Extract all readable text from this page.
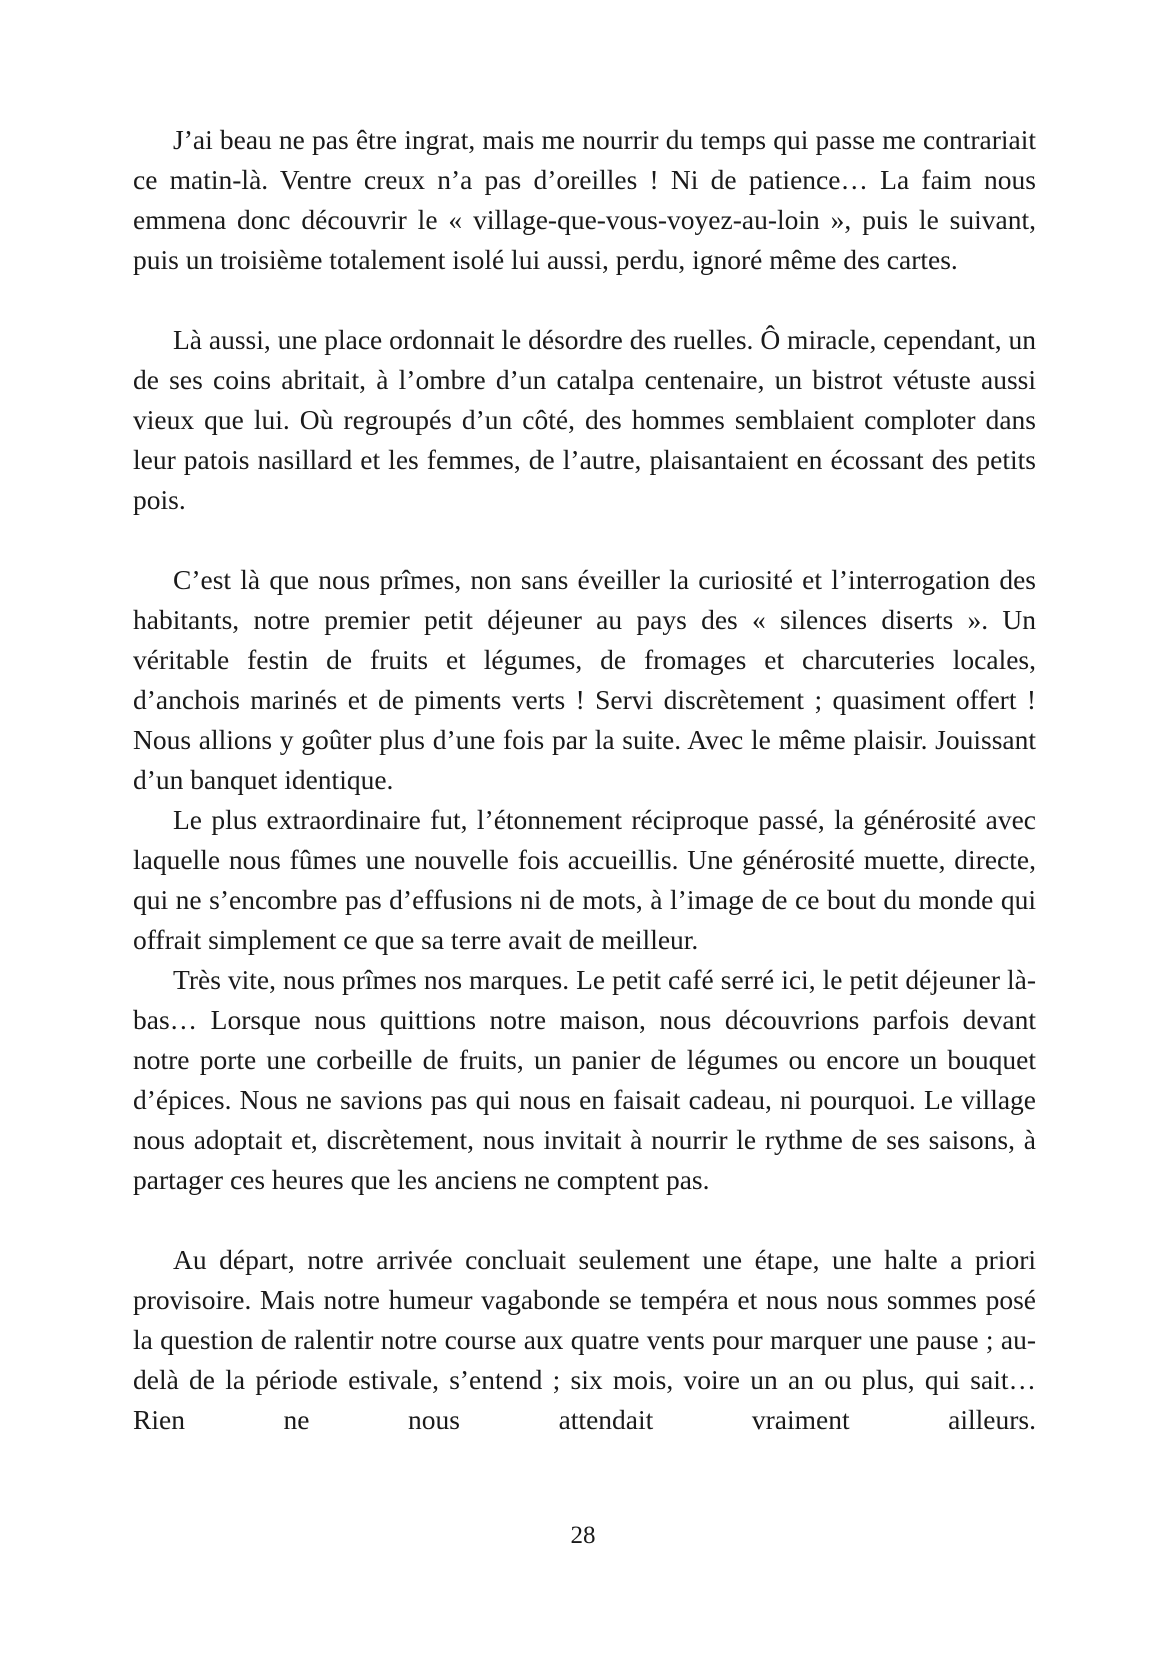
J’ai beau ne pas être ingrat, mais me nourrir du temps qui passe me contrariait ce matin-là. Ventre creux n’a pas d’oreilles ! Ni de patience… La faim nous emmena donc découvrir le « village-que-vous-voyez-au-loin », puis le suivant, puis un troisième totalement isolé lui aussi, perdu, ignoré même des cartes.

Là aussi, une place ordonnait le désordre des ruelles. Ô miracle, cependant, un de ses coins abritait, à l’ombre d’un catalpa centenaire, un bistrot vétuste aussi vieux que lui. Où regroupés d’un côté, des hommes semblaient comploter dans leur patois nasillard et les femmes, de l’autre, plaisantaient en écossant des petits pois.

C’est là que nous prîmes, non sans éveiller la curiosité et l’interrogation des habitants, notre premier petit déjeuner au pays des « silences diserts ». Un véritable festin de fruits et légumes, de fromages et charcuteries locales, d’anchois marinés et de piments verts ! Servi discrètement ; quasiment offert ! Nous allions y goûter plus d’une fois par la suite. Avec le même plaisir. Jouissant d’un banquet identique.

Le plus extraordinaire fut, l’étonnement réciproque passé, la générosité avec laquelle nous fûmes une nouvelle fois accueillis. Une générosité muette, directe, qui ne s’encombre pas d’effusions ni de mots, à l’image de ce bout du monde qui offrait simplement ce que sa terre avait de meilleur.

Très vite, nous prîmes nos marques. Le petit café serré ici, le petit déjeuner là-bas… Lorsque nous quittions notre maison, nous découvrions parfois devant notre porte une corbeille de fruits, un panier de légumes ou encore un bouquet d’épices. Nous ne savions pas qui nous en faisait cadeau, ni pourquoi. Le village nous adoptait et, discrètement, nous invitait à nourrir le rythme de ses saisons, à partager ces heures que les anciens ne comptent pas.

Au départ, notre arrivée concluait seulement une étape, une halte a priori provisoire. Mais notre humeur vagabonde se tempéra et nous nous sommes posé la question de ralentir notre course aux quatre vents pour marquer une pause ; au-delà de la période estivale, s’entend ; six mois, voire un an ou plus, qui sait… Rien ne nous attendait vraiment ailleurs.

28
